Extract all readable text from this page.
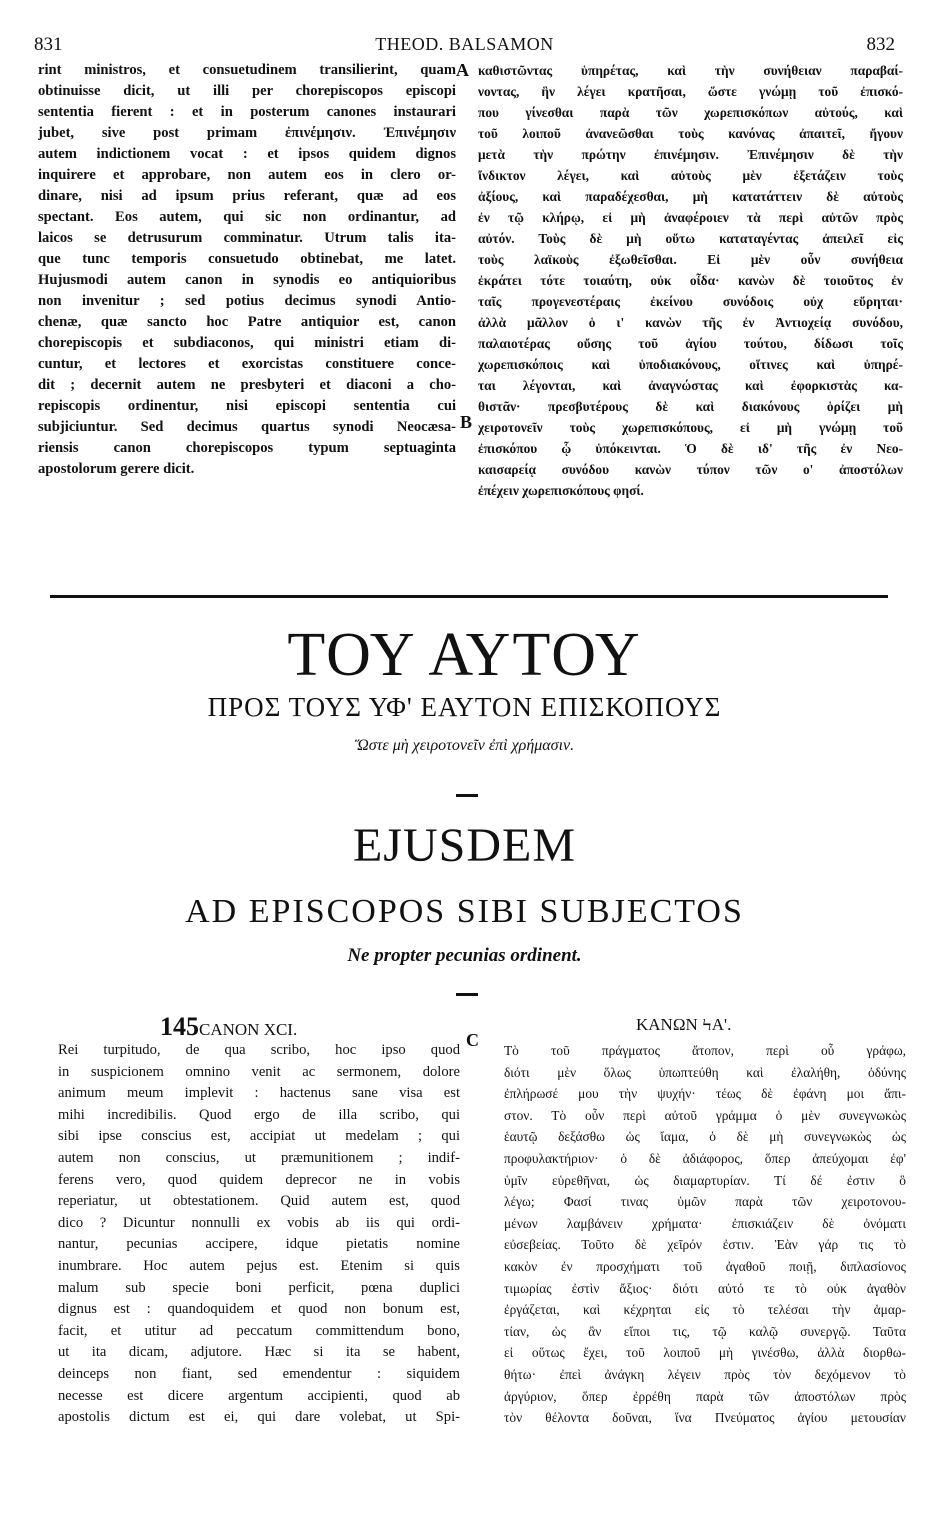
831	THEOD. BALSAMON	832
rint ministros, et consuetudinem transilierint, quam
obtinuisse dicit, ut illi per chorepiscopos episcopi
sententia fierent : et in posterum canones instaurari
jubet, sive post primam ἐπινέμησιν. Ἐπινέμησιν
autem indictionem vocat : et ipsos quidem dignos
inquirere et approbare, non autem eos in clero or-
dinare, nisi ad ipsum prius referant, quæ ad eos
spectant. Eos autem, qui sic non ordinantur, ad
laicos se detrusurum comminatur. Utrum talis ita-
que tunc temporis consuetudo obtinebat, me latet.
Hujusmodi autem canon in synodis eo antiquioribus
non invenitur ; sed potius decimus synodi Antio-
chenæ, quæ sancto hoc Patre antiquior est, canon
chorepiscopis et subdiaconos, qui ministri etiam di-
cuntur, et lectores et exorcistas constituere conce-
dit ; decernit autem ne presbyteri et diaconi a cho-
repiscopis ordinentur, nisi episcopi sententia cui
subjiciuntur. Sed decimus quartus synodi Neocæsa-
riensis canon chorepiscopos typum septuaginta
apostolorum gerere dicit.
καθιστῶντας ὑπηρέτας, καὶ τὴν συνήθειαν παραβαί-
νοντας, ἣν λέγει κρατῆσαι, ὥστε γνώμῃ τοῦ ἐπισκό-
που γίνεσθαι παρὰ τῶν χωρεπισκόπων αὐτούς, καὶ
τοῦ λοιποῦ ἀνανεῶσθαι τοὺς κανόνας ἀπαιτεῖ, ἤγουν
μετὰ τὴν πρώτην ἐπινέμησιν. Ἐπινέμησιν δὲ τὴν
ἴνδικτον λέγει, καὶ αὐτοὺς μὲν ἐξετάζειν τοὺς
ἀξίους, καὶ παραδέχεσθαι, μὴ κατατάττειν δὲ αὐτοὺς
ἐν τῷ κλήρῳ, εἰ μὴ ἀναφέροιεν τὰ περὶ αὐτῶν πρὸς
αὐτόν. Τοὺς δὲ μὴ οὕτω καταταγέντας ἀπειλεῖ εἰς
τοὺς λαϊκοὺς ἐξωθεῖσθαι. Εἰ μὲν οὖν συνήθεια
ἐκράτει τότε τοιαύτη, οὐκ οἶδα· κανὼν δὲ τοιοῦτος ἐν
ταῖς προγενεστέραις ἐκείνου συνόδοις οὐχ εὕρηται·
ἀλλὰ μᾶλλον ὁ ι' κανὼν τῆς ἐν Ἀντιοχείᾳ συνόδου,
παλαιοτέρας οὔσης τοῦ ἁγίου τούτου, δίδωσι τοῖς
χωρεπισκόποις καὶ ὑποδιακόνους, οἵτινες καὶ ὑπηρέ-
ται λέγονται, καὶ ἀναγνώστας καὶ ἐφορκιστὰς κα-
θιστᾶν· πρεσβυτέρους δὲ καὶ διακόνους ὁρίζει μὴ
χειροτονεῖν τοὺς χωρεπισκόπους, εἰ μὴ γνώμῃ τοῦ
ἐπισκόπου ᾧ ὑπόκεινται. Ὁ δὲ ιδ' τῆς ἐν Νεο-
καισαρείᾳ συνόδου κανὼν τύπον τῶν ο' ἀποστόλων
ἐπέχειν χωρεπισκόπους φησί.
A
B
C
ΤΟΥ ΑΥΤΟΥ
ΠΡΟΣ ΤΟΥΣ ΥΦ' ΕΑΥΤΟΝ ΕΠΙΣΚΟΠΟΥΣ
Ὥστε μὴ χειροτονεῖν ἐπὶ χρήμασιν.
EJUSDEM
AD EPISCOPOS SIBI SUBJECTOS
Ne propter pecunias ordinent.
145CANON XCI.	ΚΑΝΩΝ ϞΑ'.
Rei turpitudo, de qua scribo, hoc ipso quod
in suspicionem omnino venit ac sermonem, dolore
animum meum implevit : hactenus sane visa est
mihi incredibilis. Quod ergo de illa scribo, qui
sibi ipse conscius est, accipiat ut medelam ; qui
autem non conscius, ut præmunitionem ; indif-
ferens vero, quod quidem deprecor ne in vobis
reperiatur, ut obtestationem. Quid autem est, quod
dico ? Dicuntur nonnulli ex vobis ab iis qui ordi-
nantur, pecunias accipere, idque pietatis nomine
inumbrare. Hoc autem pejus est. Etenim si quis
malum sub specie boni perficit, pœna duplici
dignus est : quandoquidem et quod non bonum est,
facit, et utitur ad peccatum committendum bono,
ut ita dicam, adjutore. Hæc si ita se habent,
deinceps non fiant, sed emendentur : siquidem
necesse est dicere argentum accipienti, quod ab
apostolis dictum est ei, qui dare volebat, ut Spi-
Τὸ τοῦ πράγματος ἄτοπον, περὶ οὗ γράφω,
διότι μὲν ὅλως ὑπωπτεύθη καὶ ἐλαλήθη, ὀδύνης
ἐπλήρωσέ μου τὴν ψυχήν· τέως δὲ ἐφάνη μοι ἄπι-
στον. Τὸ οὖν περὶ αὐτοῦ γράμμα ὁ μὲν συνεγνωκὼς
ἑαυτῷ δεξάσθω ὡς ἴαμα, ὁ δὲ μὴ συνεγνωκὼς ὡς
προφυλακτήριον· ὁ δὲ ἀδιάφορος, ὅπερ ἀπεύχομαι ἐφ'
ὑμῖν εὑρεθῆναι, ὡς διαμαρτυρίαν. Τί δέ ἐστιν ὃ
λέγω; Φασί τινας ὑμῶν παρὰ τῶν χειροτονου-
μένων λαμβάνειν χρήματα· ἐπισκιάζειν δὲ ὀνόματι
εὐσεβείας. Τοῦτο δὲ χεῖρόν ἐστιν. Ἐὰν γάρ τις τὸ
κακὸν ἐν προσχήματι τοῦ ἀγαθοῦ ποιῇ, διπλασίονος
τιμωρίας ἐστὶν ἄξιος· διότι αὐτό τε τὸ οὐκ ἀγαθὸν
ἐργάζεται, καὶ κέχρηται εἰς τὸ τελέσαι τὴν ἁμαρ-
τίαν, ὡς ἂν εἴποι τις, τῷ καλῷ συνεργῷ. Ταῦτα
εἰ οὕτως ἔχει, τοῦ λοιποῦ μὴ γινέσθω, ἀλλὰ διορθω-
θήτω· ἐπεὶ ἀνάγκη λέγειν πρὸς τὸν δεχόμενον τὸ
ἀργύριον, ὅπερ ἐρρέθη παρὰ τῶν ἀποστόλων πρὸς
τὸν θέλοντα δοῦναι, ἵνα Πνεύματος ἁγίου μετουσίαν
